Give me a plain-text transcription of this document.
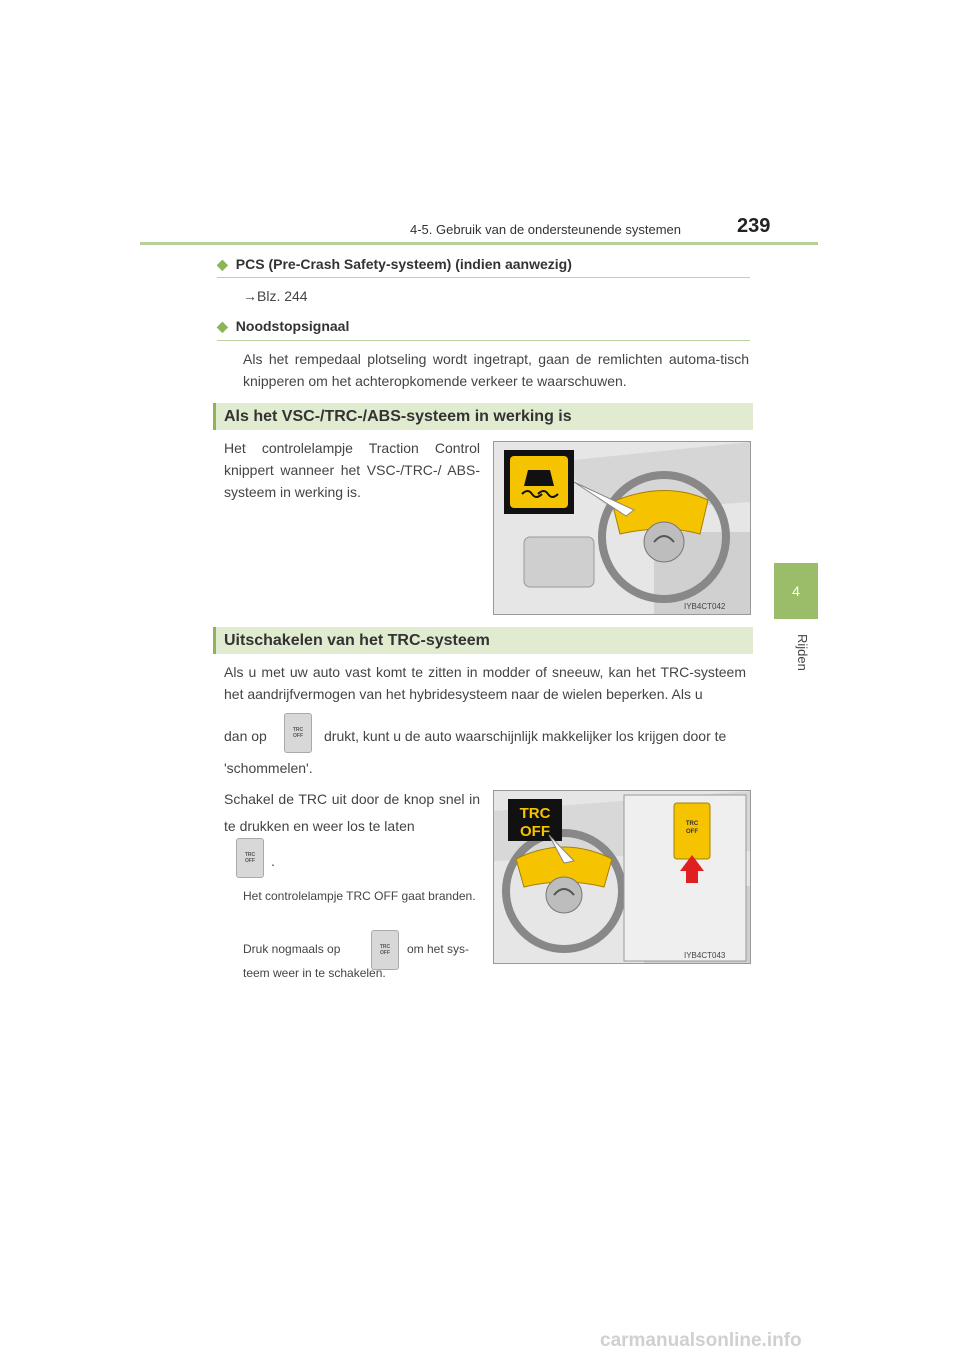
4-5. Gebruik van de ondersteunende systemen	239
4
Rijden
◆ PCS (Pre-Crash Safety-systeem) (indien aanwezig)
→Blz. 244
◆ Noodstopsignaal
Als het rempedaal plotseling wordt ingetrapt, gaan de remlichten automa-tisch knipperen om het achteropkomende verkeer te waarschuwen.
Als het VSC-/TRC-/ABS-systeem in werking is
Het controlelampje Traction Control knippert wanneer het VSC-/TRC-/ ABS-systeem in werking is.
IYB4CT042
Uitschakelen van het TRC-systeem
Als u met uw auto vast komt te zitten in modder of sneeuw, kan het TRC-systeem het aandrijfvermogen van het hybridesysteem naar de wielen beperken. Als u
dan op	TRC
OFF drukt, kunt u de auto waarschijnlijk makkelijker los krijgen door te
'schommelen'.
Schakel de TRC uit door de knop snel in te drukken en weer los te laten
TRC
OFF .
Het controlelampje TRC OFF gaat branden.
Druk nogmaals op	TRC
OFF om het sys-
teem weer in te schakelen.
TRC
OFF
TRC
OFF
IYB4CT043
carmanualsonline.info
